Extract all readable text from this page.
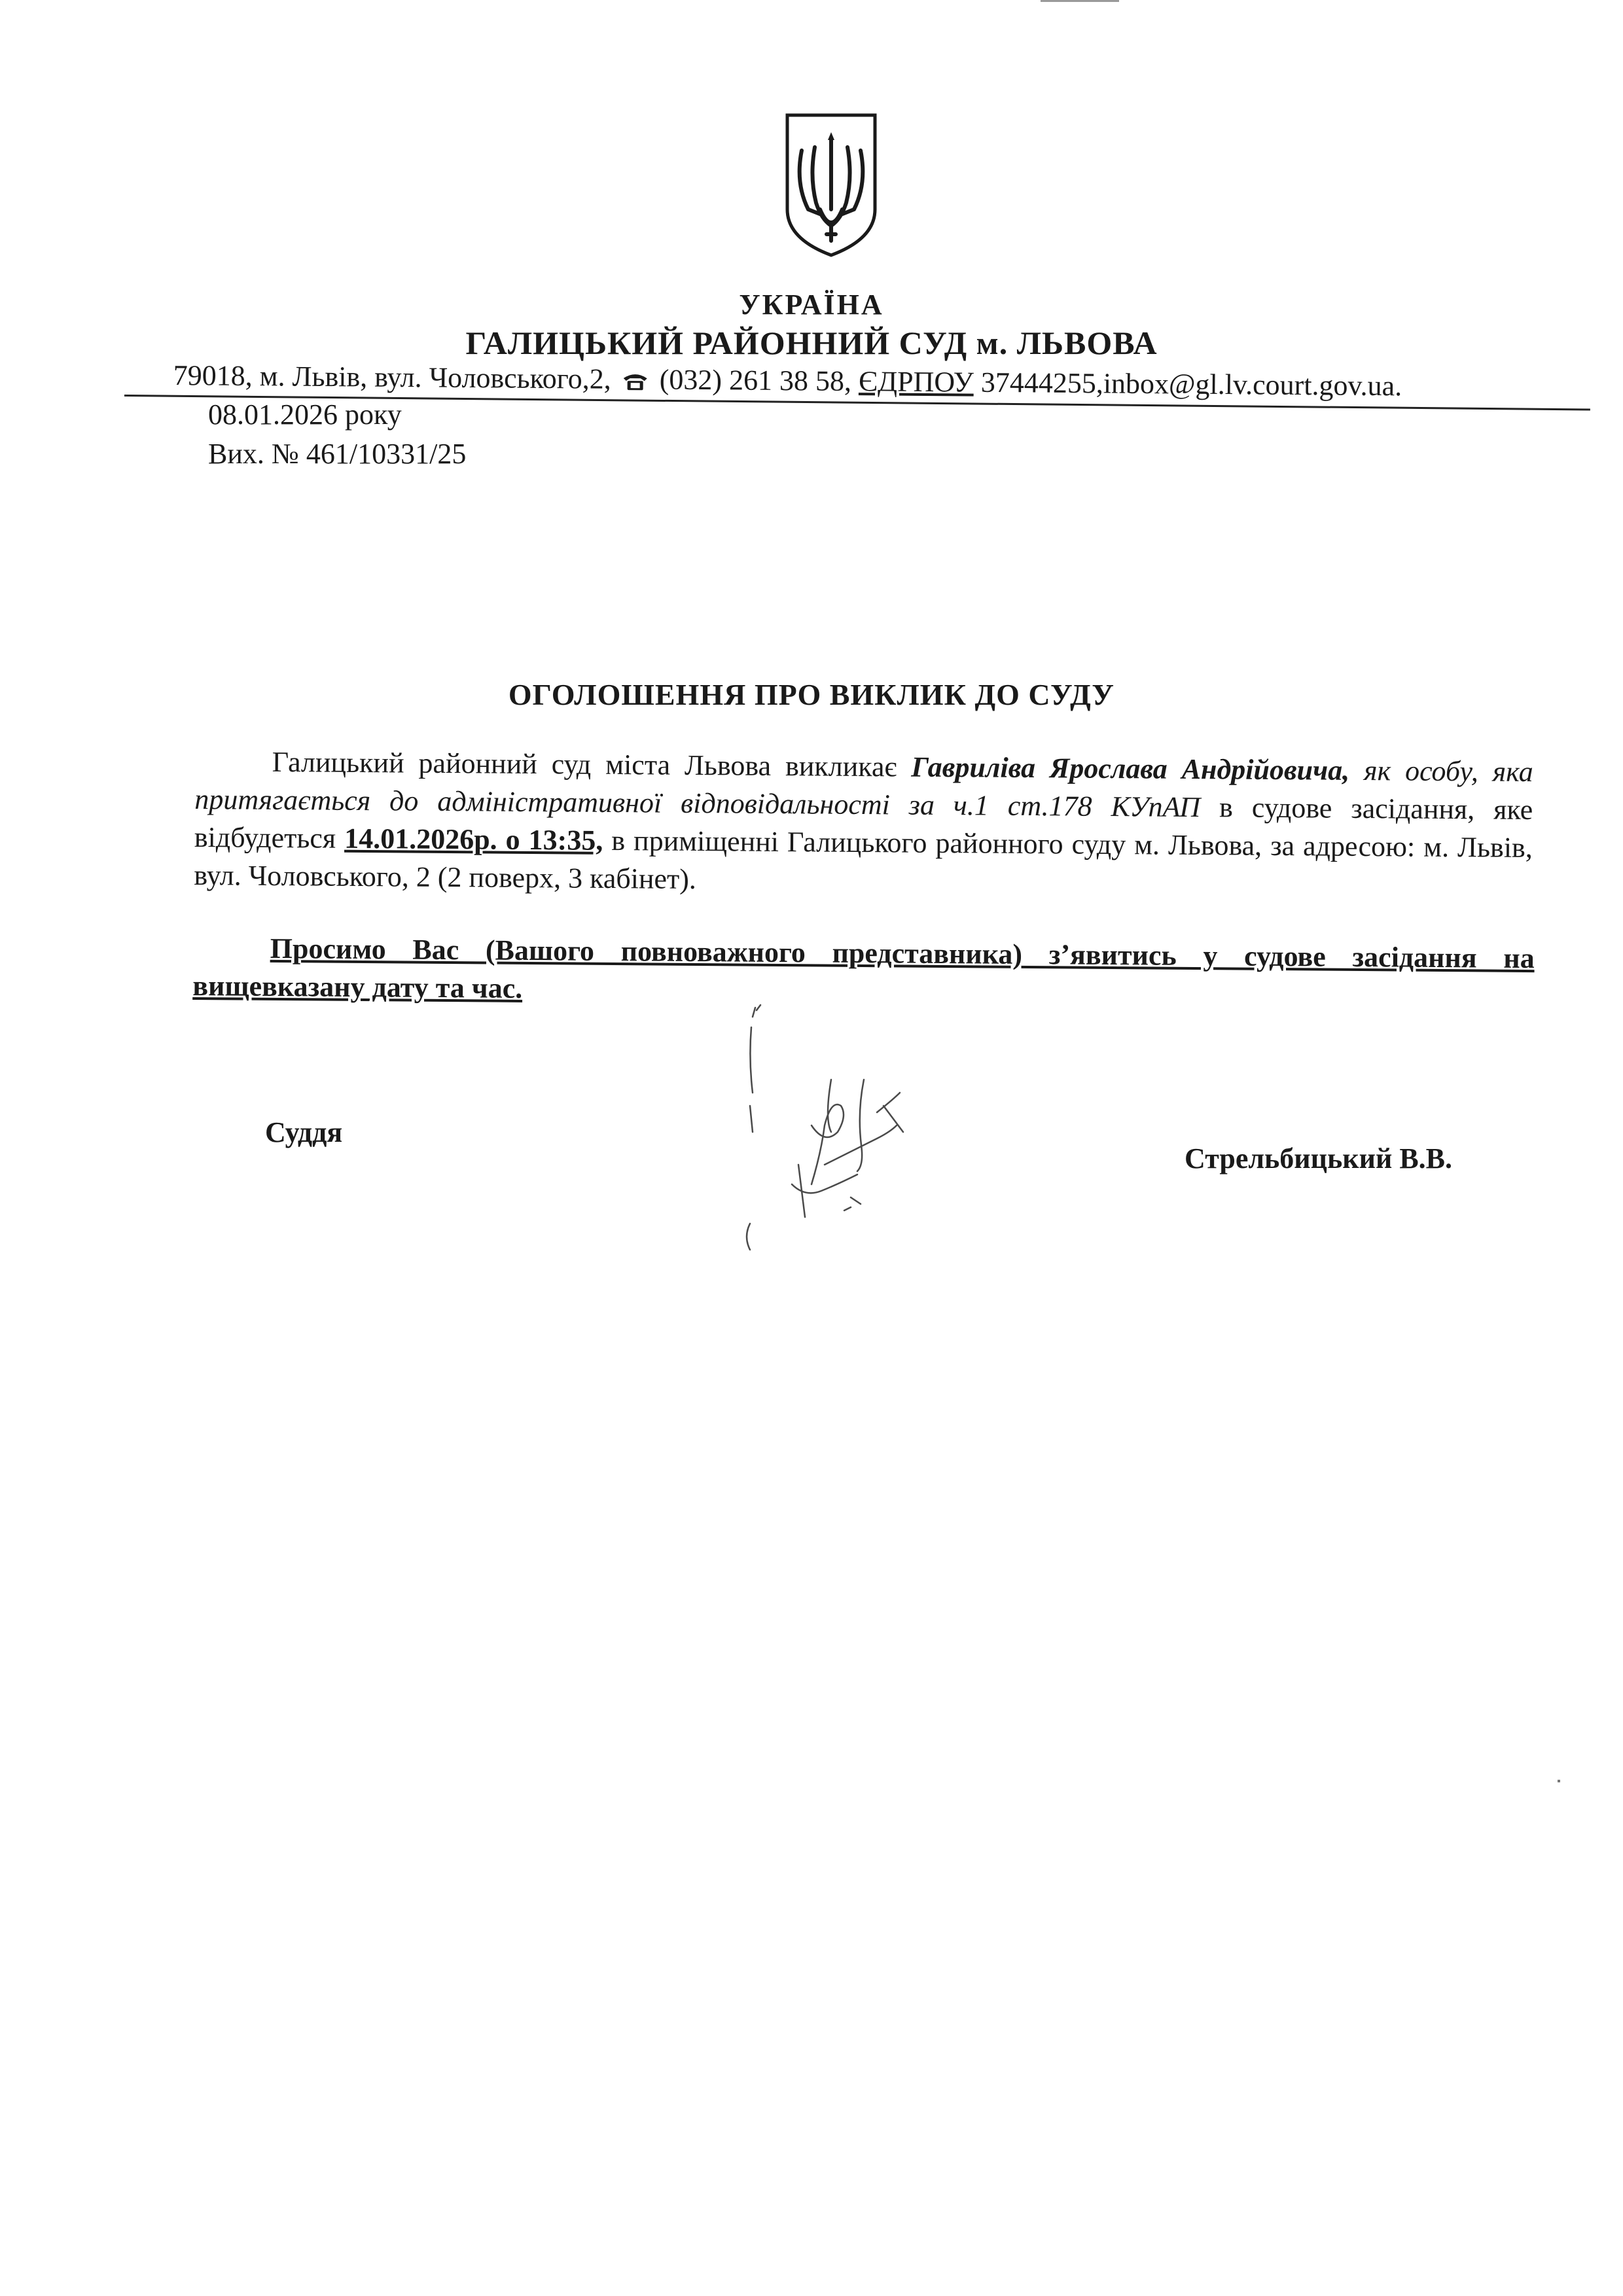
УКРАЇНА
ГАЛИЦЬКИЙ РАЙОННИЙ СУД м. ЛЬВОВА
79018, м. Львів, вул. Чоловського,2, (032) 261 38 58, ЄДРПОУ 37444255,inbox@gl.lv.court.gov.ua.
08.01.2026 року
Вих. № 461/10331/25
ОГОЛОШЕННЯ ПРО ВИКЛИК ДО СУДУ
Галицький районний суд міста Львова викликає Гаврилiва Ярослава Андрійовича, як особу, яка притягається до адміністративної відповідальності за ч.1 ст.178 КУпАП в судове засідання, яке відбудеться 14.01.2026р. о 13:35, в приміщенні Галицького районного суду м. Львова, за адресою: м. Львів, вул. Чоловського, 2 (2 поверх, 3 кабінет).
Просимо Вас (Вашого повноважного представника) з’явитись у судове засідання на вищевказану дату та час.
Суддя
Стрельбицький В.В.
